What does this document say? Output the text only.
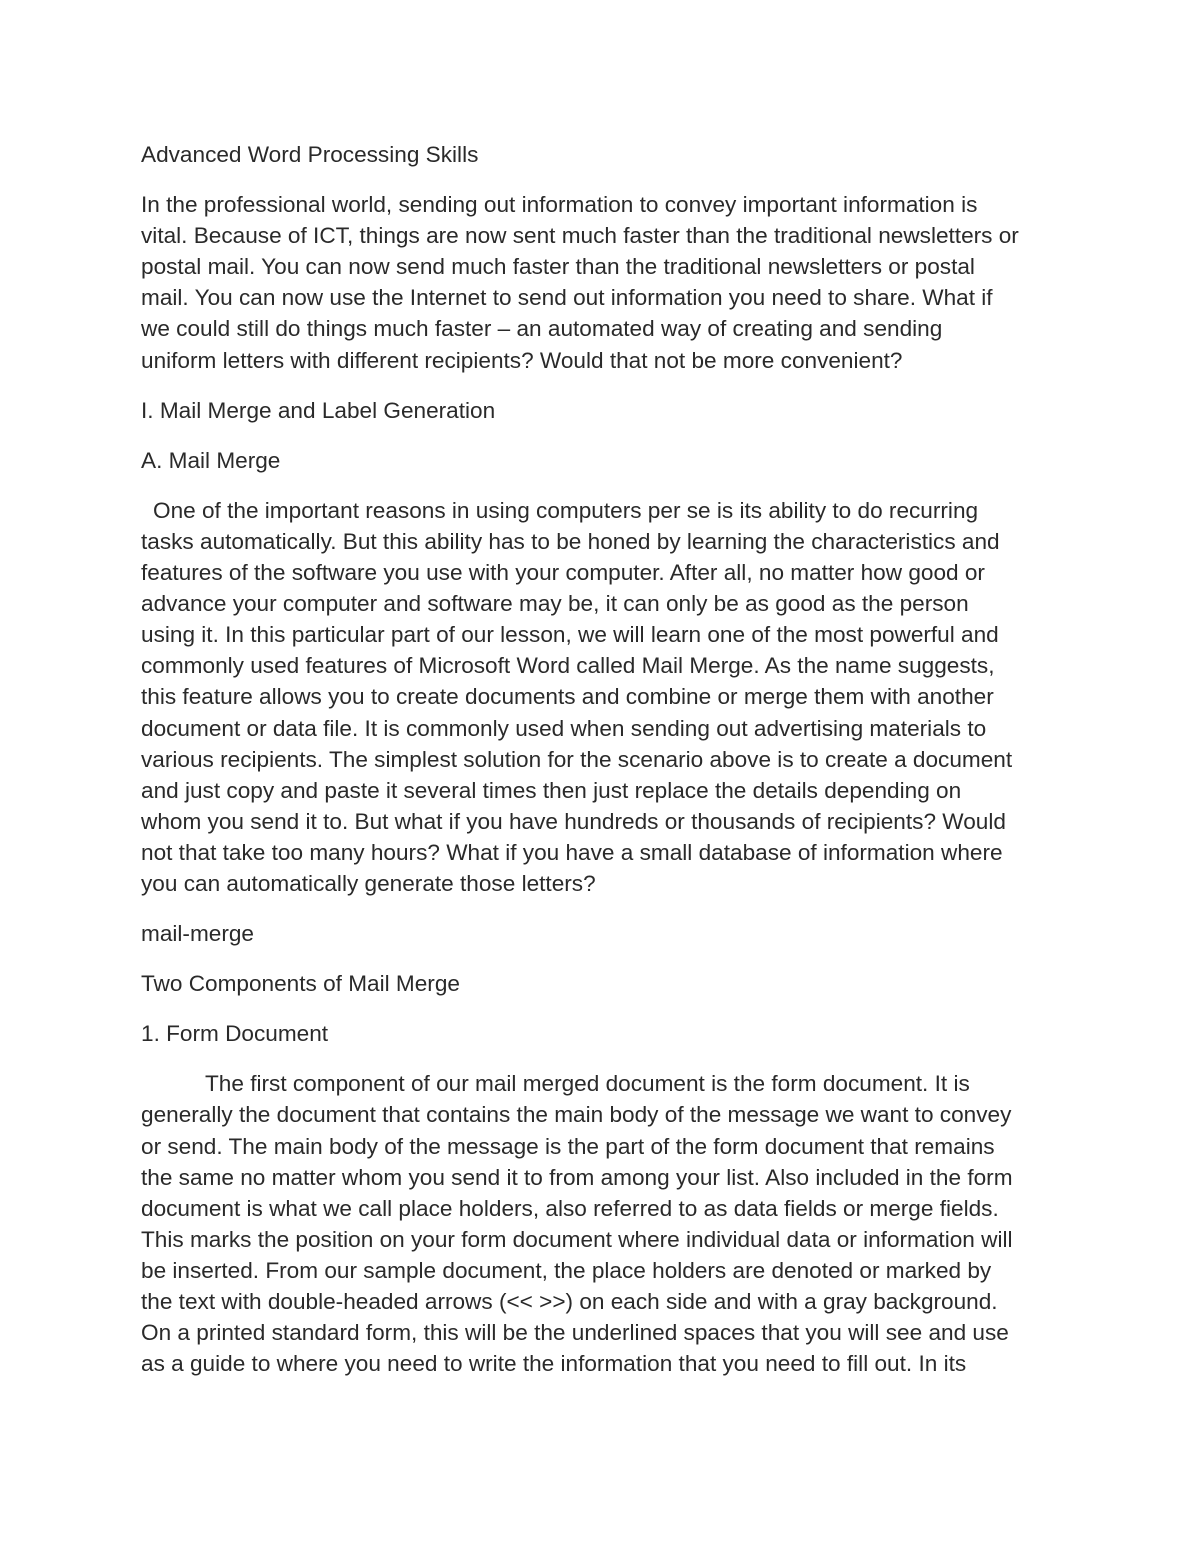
Advanced Word Processing Skills

In the professional world, sending out information to convey important information is
vital. Because of ICT, things are now sent much faster than the traditional newsletters or
postal mail. You can now send much faster than the traditional newsletters or postal
mail. You can now use the Internet to send out information you need to share. What if
we could still do things much faster – an automated way of creating and sending
uniform letters with different recipients? Would that not be more convenient?

I. Mail Merge and Label Generation

A. Mail Merge

One of the important reasons in using computers per se is its ability to do recurring
tasks automatically. But this ability has to be honed by learning the characteristics and
features of the software you use with your computer. After all, no matter how good or
advance your computer and software may be, it can only be as good as the person
using it. In this particular part of our lesson, we will learn one of the most powerful and
commonly used features of Microsoft Word called Mail Merge. As the name suggests,
this feature allows you to create documents and combine or merge them with another
document or data file. It is commonly used when sending out advertising materials to
various recipients. The simplest solution for the scenario above is to create a document
and just copy and paste it several times then just replace the details depending on
whom you send it to. But what if you have hundreds or thousands of recipients? Would
not that take too many hours? What if you have a small database of information where
you can automatically generate those letters?

mail-merge

Two Components of Mail Merge

1. Form Document

The first component of our mail merged document is the form document. It is
generally the document that contains the main body of the message we want to convey
or send. The main body of the message is the part of the form document that remains
the same no matter whom you send it to from among your list. Also included in the form
document is what we call place holders, also referred to as data fields or merge fields.
This marks the position on your form document where individual data or information will
be inserted. From our sample document, the place holders are denoted or marked by
the text with double-headed arrows (<< >>) on each side and with a gray background.
On a printed standard form, this will be the underlined spaces that you will see and use
as a guide to where you need to write the information that you need to fill out. In its
